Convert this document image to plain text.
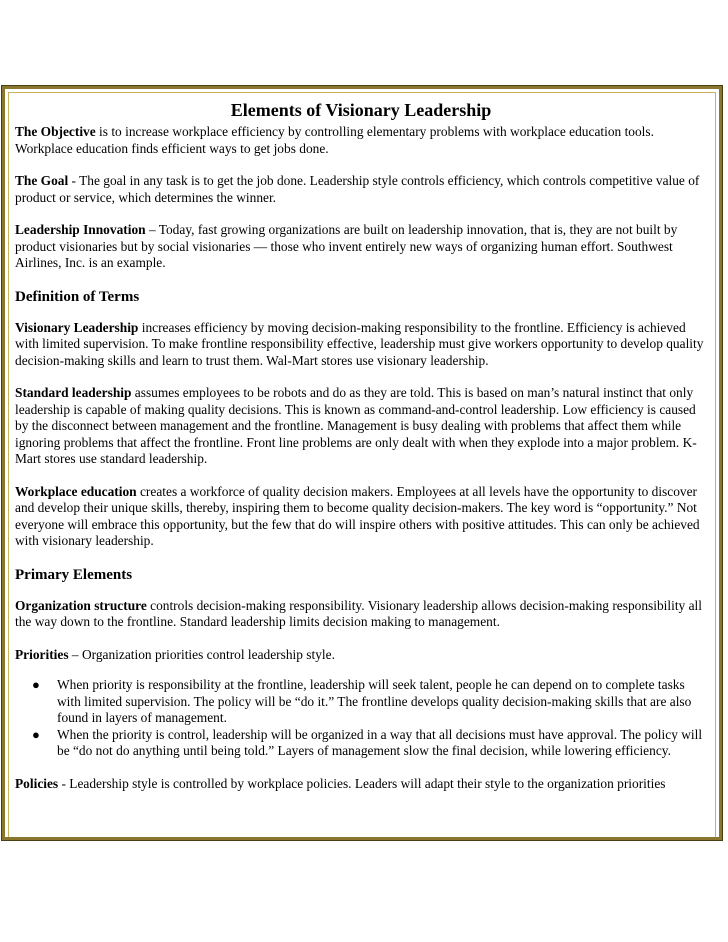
Elements of Visionary Leadership

The Objective is to increase workplace efficiency by controlling elementary problems with workplace education tools. Workplace education finds efficient ways to get jobs done.

The Goal - The goal in any task is to get the job done. Leadership style controls efficiency, which controls competitive value of product or service, which determines the winner.

Leadership Innovation – Today, fast growing organizations are built on leadership innovation, that is, they are not built by product visionaries but by social visionaries — those who invent entirely new ways of organizing human effort. Southwest Airlines, Inc. is an example.

Definition of Terms

Visionary Leadership increases efficiency by moving decision-making responsibility to the frontline. Efficiency is achieved with limited supervision. To make frontline responsibility effective, leadership must give workers opportunity to develop quality decision-making skills and learn to trust them. Wal-Mart stores use visionary leadership.

Standard leadership assumes employees to be robots and do as they are told. This is based on man’s natural instinct that only leadership is capable of making quality decisions. This is known as command-and-control leadership. Low efficiency is caused by the disconnect between management and the frontline. Management is busy dealing with problems that affect them while ignoring problems that affect the frontline. Front line problems are only dealt with when they explode into a major problem. K-Mart stores use standard leadership.

Workplace education creates a workforce of quality decision makers. Employees at all levels have the opportunity to discover and develop their unique skills, thereby, inspiring them to become quality decision-makers. The key word is “opportunity.” Not everyone will embrace this opportunity, but the few that do will inspire others with positive attitudes. This can only be achieved with visionary leadership.

Primary Elements

Organization structure controls decision-making responsibility. Visionary leadership allows decision-making responsibility all the way down to the frontline. Standard leadership limits decision making to management.

Priorities – Organization priorities control leadership style.

● When priority is responsibility at the frontline, leadership will seek talent, people he can depend on to complete tasks with limited supervision. The policy will be “do it.” The frontline develops quality decision-making skills that are also found in layers of management.
● When the priority is control, leadership will be organized in a way that all decisions must have approval. The policy will be “do not do anything until being told.” Layers of management slow the final decision, while lowering efficiency.

Policies - Leadership style is controlled by workplace policies. Leaders will adapt their style to the organization priorities
